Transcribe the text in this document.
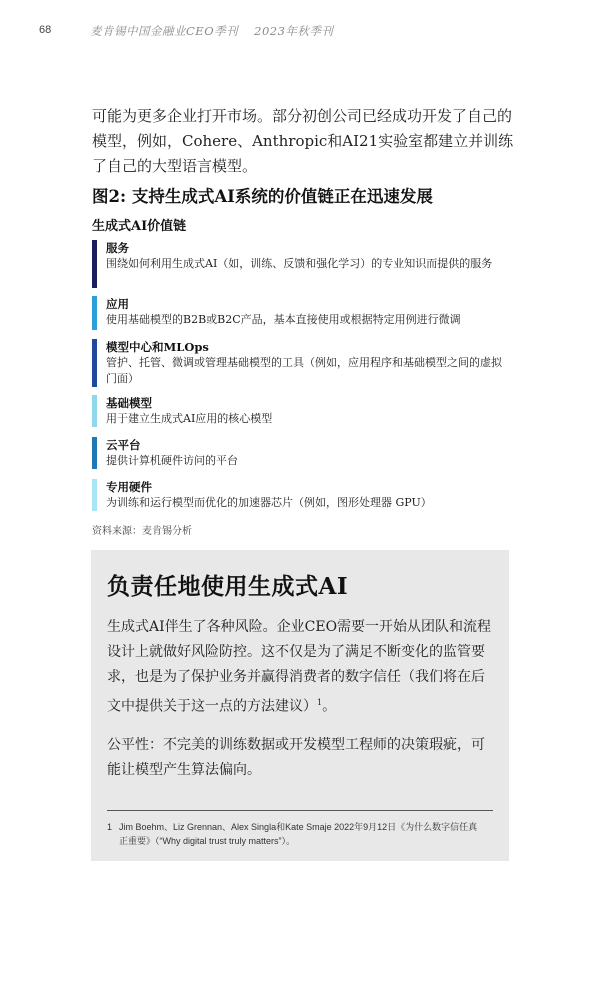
68	麦肯锡中国金融业CEO季刊 2023年秋季刊
可能为更多企业打开市场。部分初创公司已经成功开发了自己的模型，例如，Cohere、Anthropic和AI21实验室都建立并训练了自己的大型语言模型。
图2: 支持生成式AI系统的价值链正在迅速发展
生成式AI价值链
服务
围绕如何利用生成式AI（如，训练、反馈和强化学习）的专业知识而提供的服务
应用
使用基础模型的B2B或B2C产品，基本直接使用或根据特定用例进行微调
模型中心和MLOps
管护、托管、微调或管理基础模型的工具（例如，应用程序和基础模型之间的虚拟门面）
基础模型
用于建立生成式AI应用的核心模型
云平台
提供计算机硬件访问的平台
专用硬件
为训练和运行模型而优化的加速器芯片（例如，图形处理器 GPU）
资料来源：麦肯锡分析
负责任地使用生成式AI
生成式AI伴生了各种风险。企业CEO需要一开始从团队和流程设计上就做好风险防控。这不仅是为了满足不断变化的监管要求，也是为了保护业务并赢得消费者的数字信任（我们将在后文中提供关于这一点的方法建议）$^1$。
公平性：不完美的训练数据或开发模型工程师的决策瑕疵，可能让模型产生算法偏向。
1 Jim Boehm、Liz Grennan、Alex Singla和Kate Smaje 2022年9月12日《为什么数字信任真
正重要》（“Why digital trust truly matters”）。
